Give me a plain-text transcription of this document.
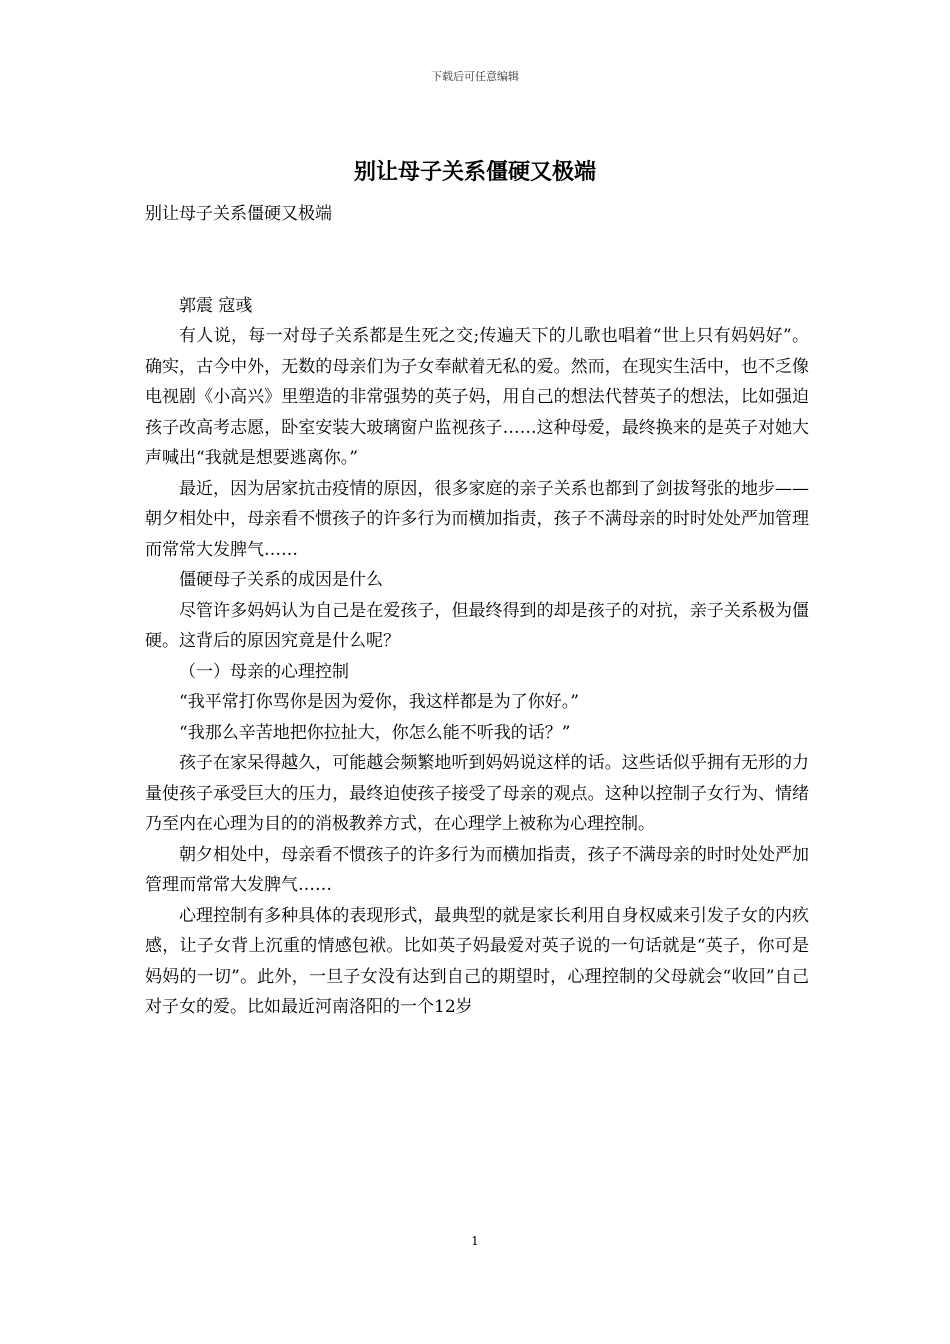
下载后可任意编辑
别让母子关系僵硬又极端

别让母子关系僵硬又极端

郭震 寇彧

有人说，每一对母子关系都是生死之交;传遍天下的儿歌也唱着“世上只有妈妈好”。确实，古今中外，无数的母亲们为子女奉献着无私的爱。然而，在现实生活中，也不乏像电视剧《小高兴》里塑造的非常强势的英子妈，用自己的想法代替英子的想法，比如强迫孩子改高考志愿，卧室安装大玻璃窗户监视孩子……这种母爱，最终换来的是英子对她大声喊出“我就是想要逃离你。”

最近，因为居家抗击疫情的原因，很多家庭的亲子关系也都到了剑拔弩张的地步——朝夕相处中，母亲看不惯孩子的许多行为而横加指责，孩子不满母亲的时时处处严加管理而常常大发脾气……

僵硬母子关系的成因是什么

尽管许多妈妈认为自己是在爱孩子，但最终得到的却是孩子的对抗，亲子关系极为僵硬。这背后的原因究竟是什么呢？

（一）母亲的心理控制

“我平常打你骂你是因为爱你，我这样都是为了你好。”

“我那么辛苦地把你拉扯大，你怎么能不听我的话？”

孩子在家呆得越久，可能越会频繁地听到妈妈说这样的话。这些话似乎拥有无形的力量使孩子承受巨大的压力，最终迫使孩子接受了母亲的观点。这种以控制子女行为、情绪乃至内在心理为目的的消极教养方式，在心理学上被称为心理控制。

朝夕相处中，母亲看不惯孩子的许多行为而横加指责，孩子不满母亲的时时处处严加管理而常常大发脾气……

心理控制有多种具体的表现形式，最典型的就是家长利用自身权威来引发子女的内疚感，让子女背上沉重的情感包袱。比如英子妈最爱对英子说的一句话就是“英子，你可是妈妈的一切”。此外，一旦子女没有达到自己的期望时，心理控制的父母就会“收回”自己对子女的爱。比如最近河南洛阳的一个12岁

1
